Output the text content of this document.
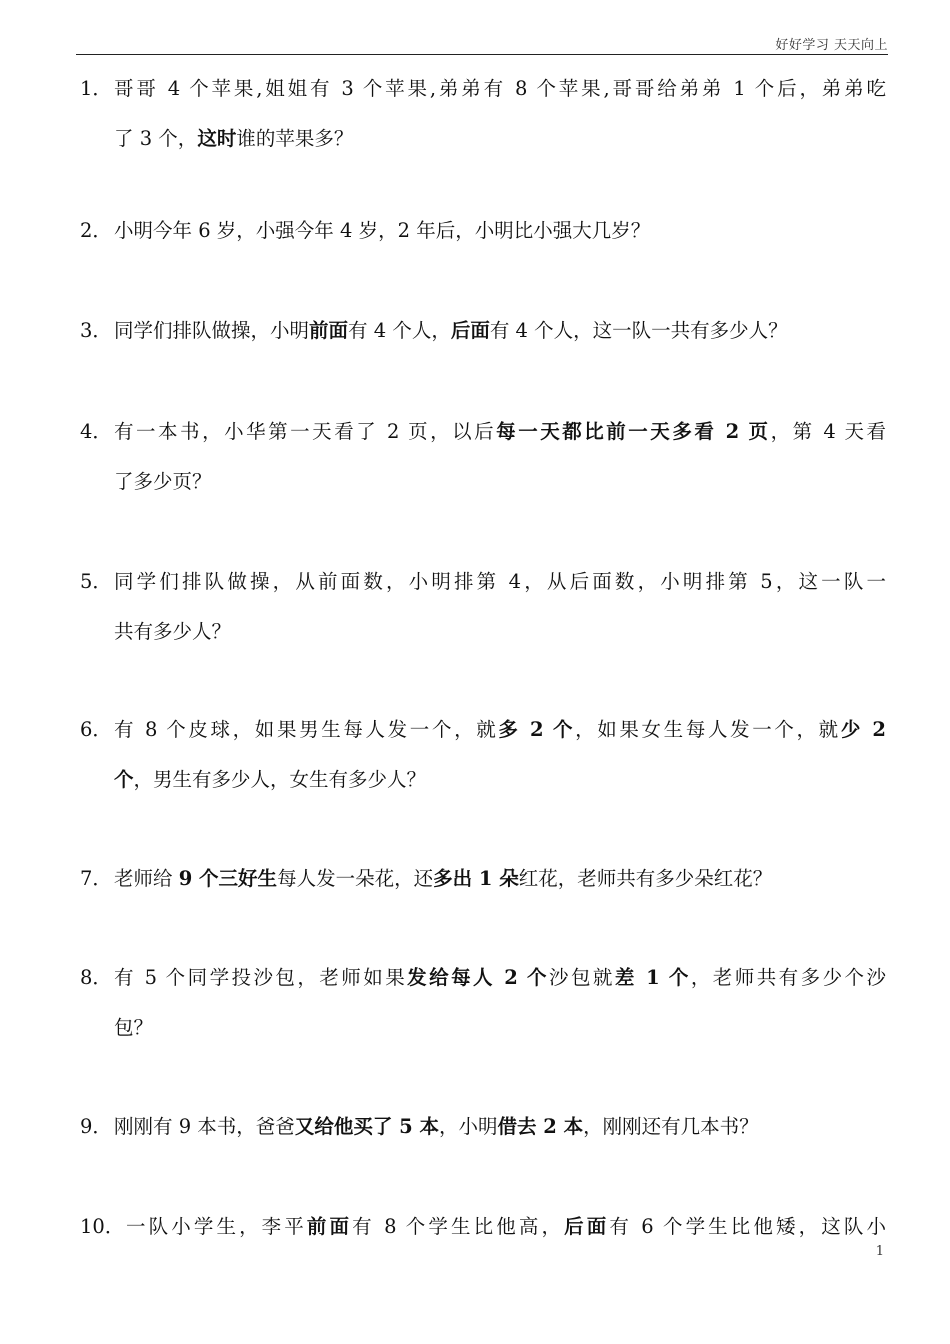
好好学习 天天向上
1． 哥哥 4 个苹果,姐姐有 3 个苹果,弟弟有 8 个苹果,哥哥给弟弟 1 个后，弟弟吃
了 3 个， 这时 谁的苹果多？
2． 小明今年 6 岁，小强今年 4 岁，2 年后，小明比小强大几岁？
3． 同学们排队做操，小明前面有 4 个人，后面有 4 个人，这一队一共有多少人？
4． 有一本书，小华第一天看了 2 页，以后每一天都比前一天多看 2 页，第 4 天看
了多少页？
5． 同学们排队做操，从前面数，小明排第 4，从后面数，小明排第 5，这一队一
共有多少人？
6． 有 8 个皮球，如果男生每人发一个，就多 2 个，如果女生每人发一个，就少 2
个 ，男生有多少人，女生有多少人？
7． 老师给 9 个三好生每人发一朵花，还多出 1 朵红花，老师共有多少朵红花？
8． 有 5 个同学投沙包，老师如果发给每人 2 个沙包就差 1 个，老师共有多少个沙
包？
9． 刚刚有 9 本书，爸爸又给他买了 5 本，小明借去 2 本，刚刚还有几本书？
10． 一队小学生，李平前面有 8 个学生比他高，后面有 6 个学生比他矮，这队小
1
